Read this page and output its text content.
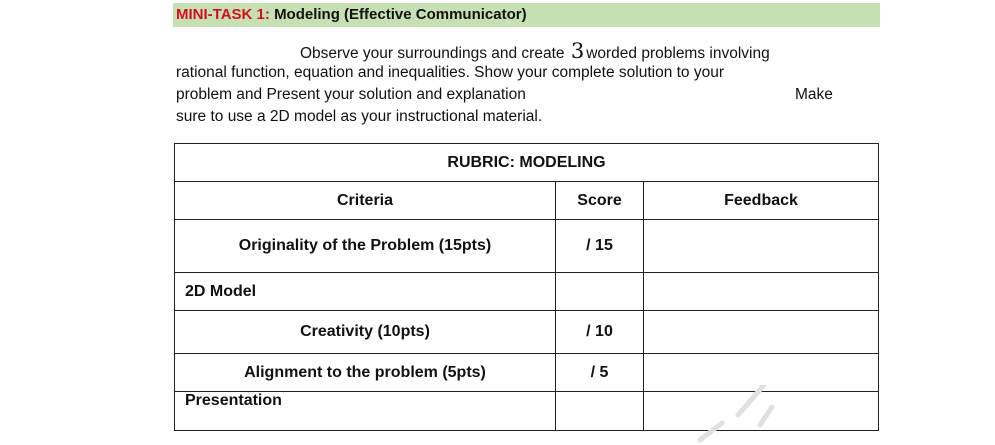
MINI-TASK 1: Modeling (Effective Communicator)
Observe your surroundings and create 3 worded problems involving
rational function, equation and inequalities. Show your complete solution to your
problem and Present your solution and explanation	Make
sure to use a 2D model as your instructional material.
RUBRIC: MODELING		
Criteria	Score	Feedback
Originality of the Problem (15pts)	/ 15	
2D Model		
Creativity (10pts)	/ 10	
Alignment to the problem (5pts)	/ 5	
Presentation		
